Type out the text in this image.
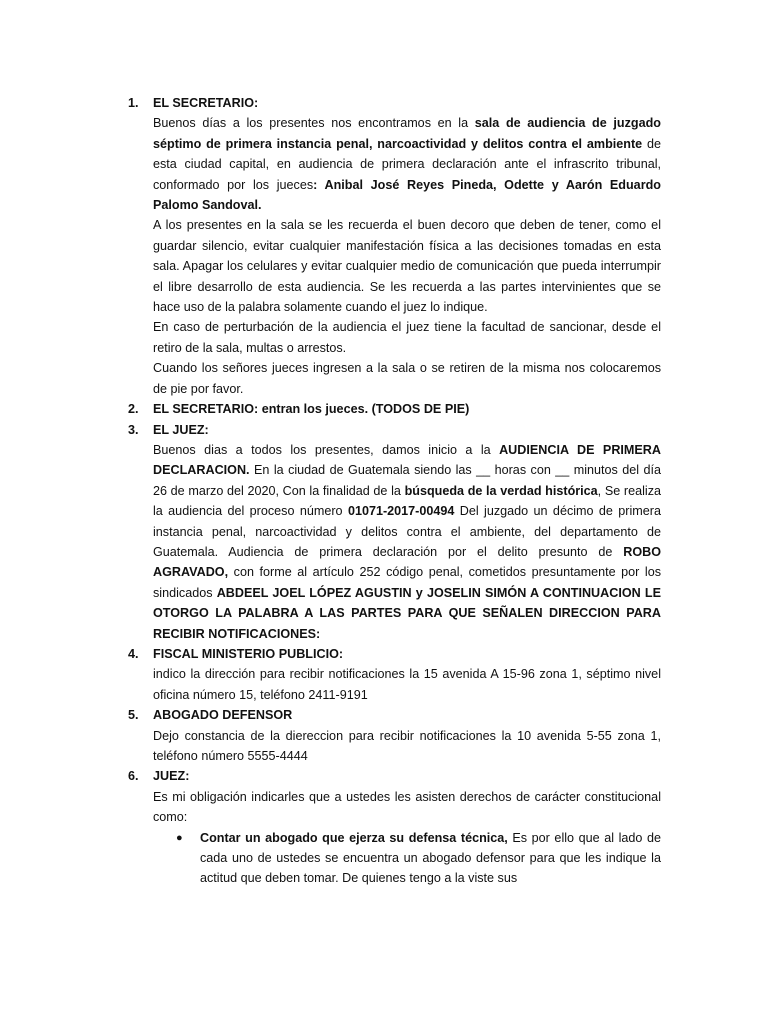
1. EL SECRETARIO:

Buenos días a los presentes nos encontramos en la sala de audiencia de juzgado séptimo de primera instancia penal, narcoactividad y delitos contra el ambiente de esta ciudad capital, en audiencia de primera declaración ante el infrascrito tribunal, conformado por los jueces: Anibal José Reyes Pineda, Odette y Aarón Eduardo Palomo Sandoval.

A los presentes en la sala se les recuerda el buen decoro que deben de tener, como el guardar silencio, evitar cualquier manifestación física a las decisiones tomadas en esta sala. Apagar los celulares y evitar cualquier medio de comunicación que pueda interrumpir el libre desarrollo de esta audiencia. Se les recuerda a las partes intervinientes que se hace uso de la palabra solamente cuando el juez lo indique.

En caso de perturbación de la audiencia el juez tiene la facultad de sancionar, desde el retiro de la sala, multas o arrestos.

Cuando los señores jueces ingresen a la sala o se retiren de la misma nos colocaremos de pie por favor.

2. EL SECRETARIO: entran los jueces. (TODOS DE PIE)
3. EL JUEZ:

Buenos dias a todos los presentes, damos inicio a la AUDIENCIA DE PRIMERA DECLARACION. En la ciudad de Guatemala siendo las __ horas con __ minutos del día 26 de marzo del 2020, Con la finalidad de la búsqueda de la verdad histórica, Se realiza la audiencia del proceso número 01071-2017-00494 Del juzgado un décimo de primera instancia penal, narcoactividad y delitos contra el ambiente, del departamento de Guatemala. Audiencia de primera declaración por el delito presunto de ROBO AGRAVADO, con forme al artículo 252 código penal, cometidos presuntamente por los sindicados ABDEEL JOEL LÓPEZ AGUSTIN y JOSELIN SIMÓN A CONTINUACION LE OTORGO LA PALABRA A LAS PARTES PARA QUE SEÑALEN DIRECCION PARA RECIBIR NOTIFICACIONES:

4. FISCAL MINISTERIO PUBLICIO:

indico la dirección para recibir notificaciones la 15 avenida A 15-96 zona 1, séptimo nivel oficina número 15, teléfono 2411-9191

5. ABOGADO DEFENSOR

Dejo constancia de la diereccion para recibir notificaciones la 10 avenida 5-55 zona 1, teléfono número 5555-4444

6. JUEZ:

Es mi obligación indicarles que a ustedes les asisten derechos de carácter constitucional como:

● Contar un abogado que ejerza su defensa técnica, Es por ello que al lado de cada uno de ustedes se encuentra un abogado defensor para que les indique la actitud que deben tomar. De quienes tengo a la viste sus
